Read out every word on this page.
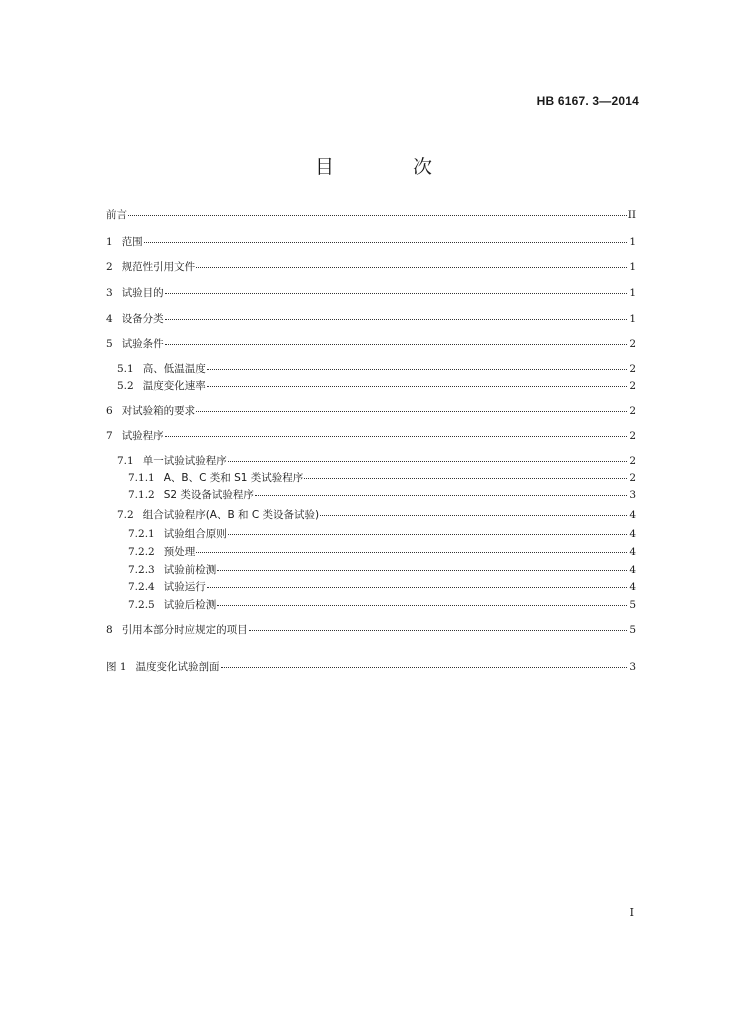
HB 6167. 3—2014
目　次
前言	II
1 范围	1
2 规范性引用文件	1
3 试验目的	1
4 设备分类	1
5 试验条件	2
5.1 高、低温温度	2
5.2 温度变化速率	2
6 对试验箱的要求	2
7 试验程序	2
7.1 单一试验试验程序	2
7.1.1 A、B、C 类和 S1 类试验程序	2
7.1.2 S2 类设备试验程序	3
7.2 组合试验程序(A、B 和 C 类设备试验)	4
7.2.1 试验组合原则	4
7.2.2 预处理	4
7.2.3 试验前检测	4
7.2.4 试验运行	4
7.2.5 试验后检测	5
8 引用本部分时应规定的项目	5
图 1 温度变化试验剖面	3
I
